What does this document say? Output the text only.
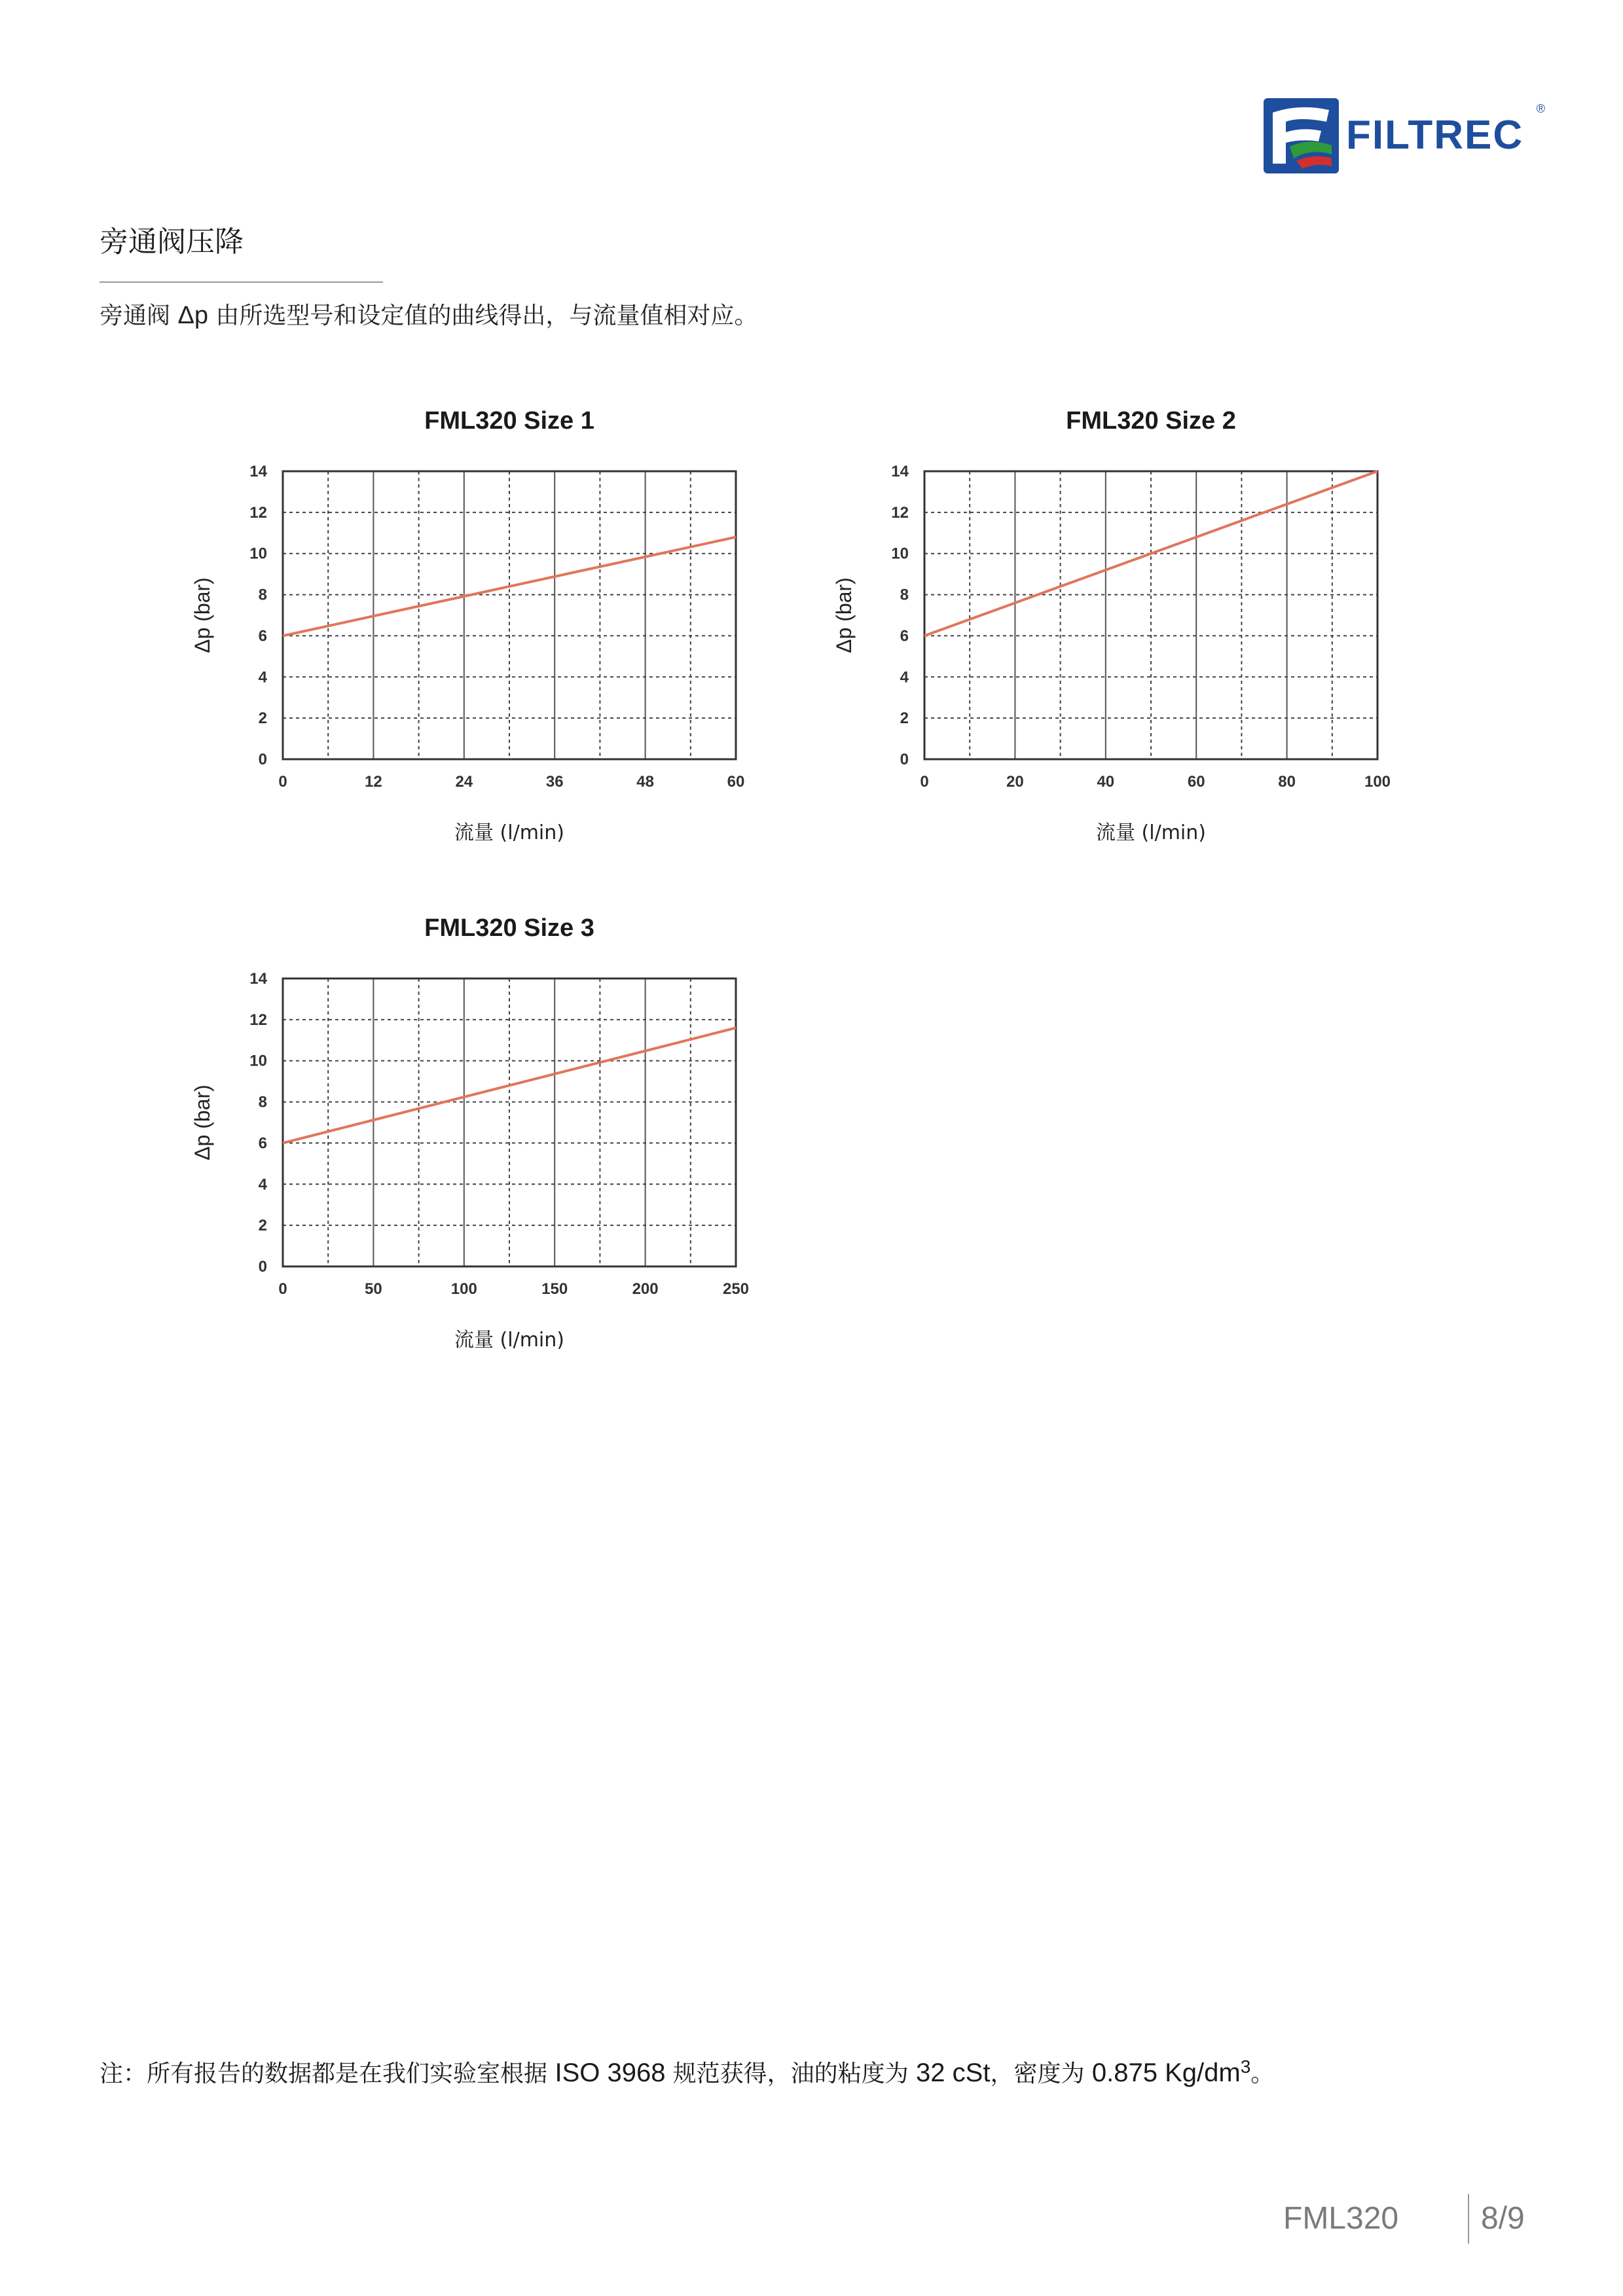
FILTREC
®
旁通阀压降
旁通阀 Δp 由所选型号和设定值的曲线得出，与流量值相对应。
FML320 Size 1
0	12	24	36	48	60
0
2
4
6
8
10
12
14
流量 (l/min)
Δp (bar)
FML320 Size 2
0	20	40	60	80	100
0
2
4
6
8
10
12
14
流量 (l/min)
Δp (bar)
FML320 Size 3
0	50	100	150	200	250
0
2
4
6
8
10
12
14
流量 (l/min)
Δp (bar)
注：所有报告的数据都是在我们实验室根据 ISO 3968 规范获得，油的粘度为 32 cSt，密度为 0.875 $Kg/dm^3$。
FML320	8/9
